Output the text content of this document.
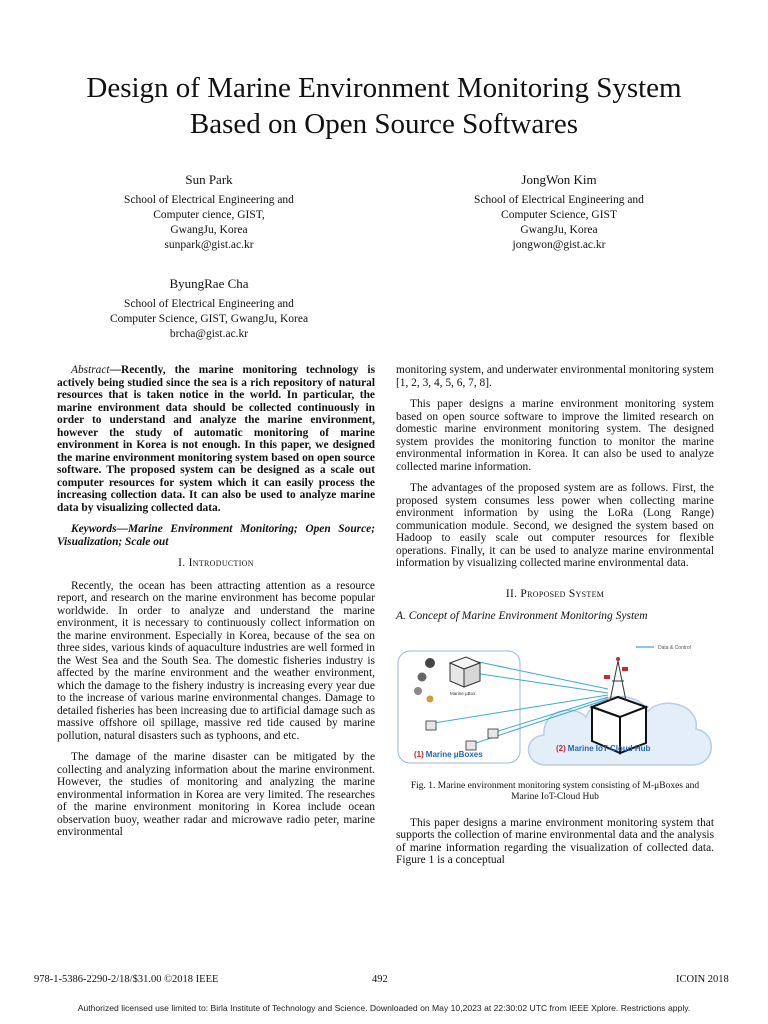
Design of Marine Environment Monitoring System
Based on Open Source Softwares
Sun Park
School of Electrical Engineering and
Computer cience, GIST,
GwangJu, Korea
sunpark@gist.ac.kr
JongWon Kim
School of Electrical Engineering and
Computer Science, GIST
GwangJu, Korea
jongwon@gist.ac.kr
ByungRae Cha
School of Electrical Engineering and
Computer Science, GIST, GwangJu, Korea
brcha@gist.ac.kr

Abstract—Recently, the marine monitoring technology is actively being studied since the sea is a rich repository of natural resources that is taken notice in the world. In particular, the marine environment data should be collected continuously in order to understand and analyze the marine environment, however the study of automatic monitoring of marine environment in Korea is not enough. In this paper, we designed the marine environment monitoring system based on open source software. The proposed system can be designed as a scale out computer resources for system which it can easily process the increasing collection data. It can also be used to analyze marine data by visualizing collected data.

Keywords—Marine Environment Monitoring; Open Source; Visualization; Scale out

I. Introduction

Recently, the ocean has been attracting attention as a resource report, and research on the marine environment has become popular worldwide. In order to analyze and understand the marine environment, it is necessary to continuously collect information on the marine environment. Especially in Korea, because of the sea on three sides, various kinds of aquaculture industries are well formed in the West Sea and the South Sea. The domestic fisheries industry is affected by the marine environment and the weather environment, which the damage to the fishery industry is increasing every year due to the increase of various marine environmental changes. Damage to detailed fisheries has been increasing due to artificial damage such as massive offshore oil spillage, massive red tide caused by marine pollution, natural disasters such as typhoons, and etc.

The damage of the marine disaster can be mitigated by the collecting and analyzing information about the marine environment. However, the studies of monitoring and analyzing the marine environmental information in Korea are very limited. The researches of the marine environment monitoring in Korea include ocean observation buoy, weather radar and microwave radio peter, marine environmental

monitoring system, and underwater environmental monitoring system [1, 2, 3, 4, 5, 6, 7, 8].

This paper designs a marine environment monitoring system based on open source software to improve the limited research on domestic marine environment monitoring system. The designed system provides the monitoring function to monitor the marine environmental information in Korea. It can also be used to analyze collected marine information.

The advantages of the proposed system are as follows. First, the proposed system consumes less power when collecting marine environment information by using the LoRa (Long Range) communication module. Second, we designed the system based on Hadoop to easily scale out computer resources for flexible operations. Finally, it can be used to analyze marine environmental information by visualizing collected marine environmental data.

II. Proposed System
A. Concept of Marine Environment Monitoring System
Data & Control
Marine μBox
(1) Marine μBoxes
(2) Marine IoT-Cloud Hub
Fig. 1. Marine environment monitoring system consisting of M-μBoxes and Marine IoT-Cloud Hub

This paper designs a marine environment monitoring system that supports the collection of marine environmental data and the analysis of marine information regarding the visualization of collected data. Figure 1 is a conceptual

978-1-5386-2290-2/18/$31.00 ©2018 IEEE	492	ICOIN 2018
Authorized licensed use limited to: Birla Institute of Technology and Science. Downloaded on May 10,2023 at 22:30:02 UTC from IEEE Xplore. Restrictions apply.
